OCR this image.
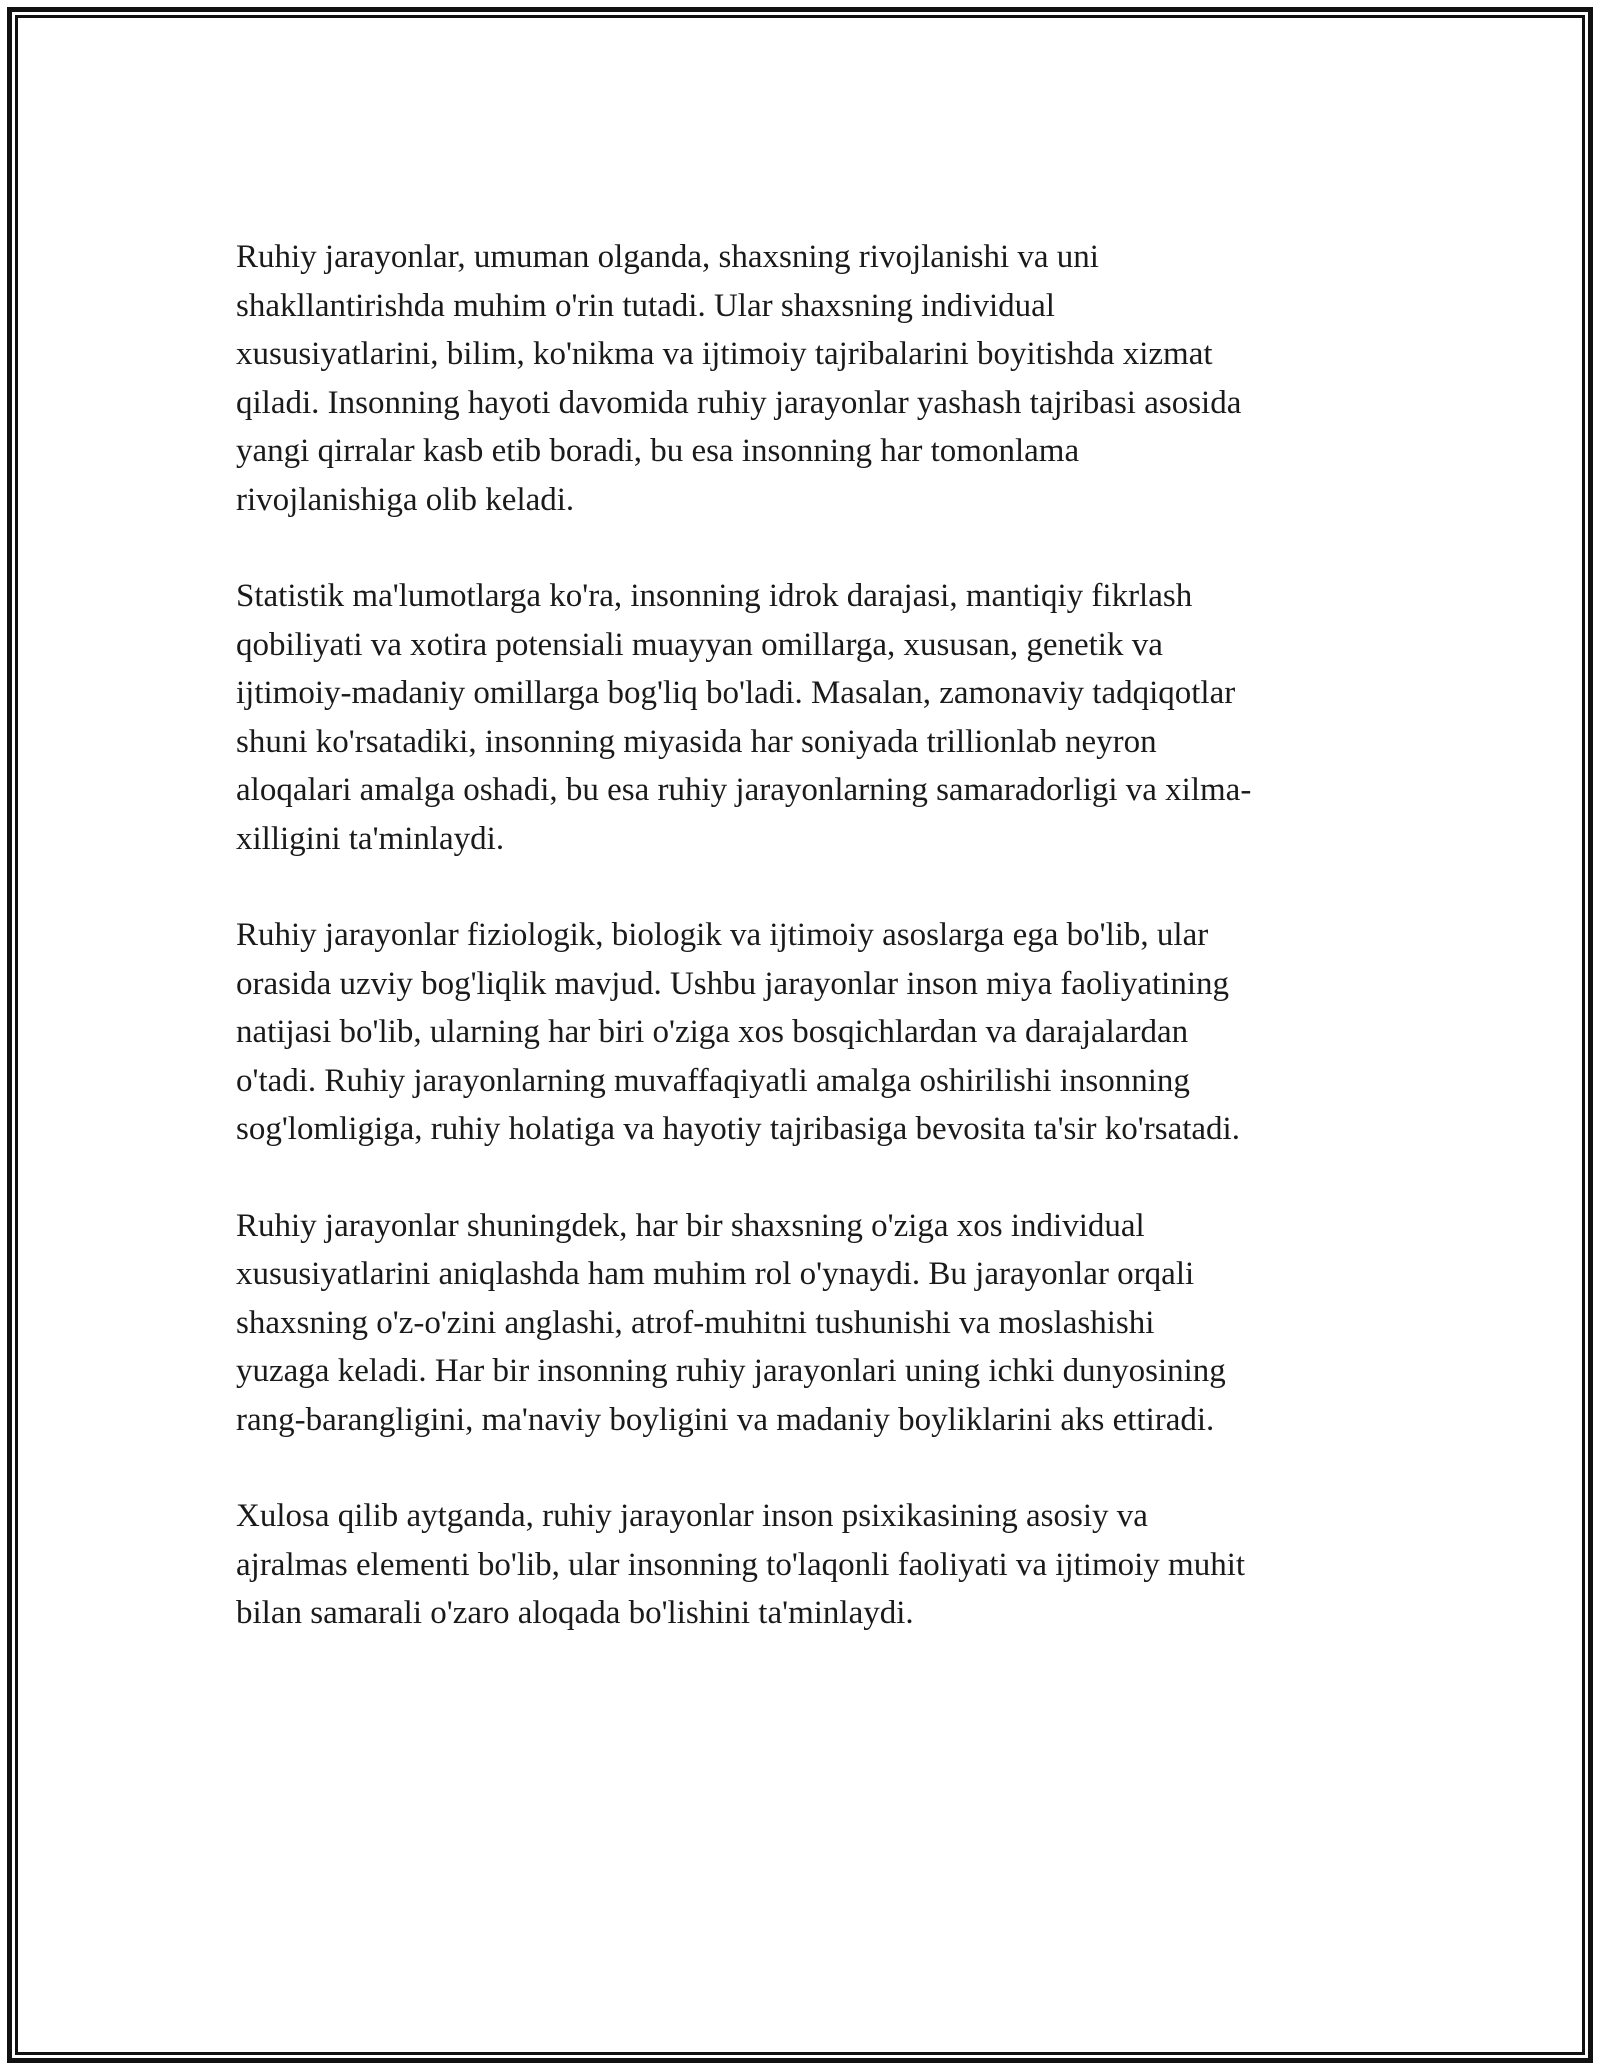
Ruhiy jarayonlar, umuman olganda, shaxsning rivojlanishi va uni
shakllantirishda muhim o'rin tutadi. Ular shaxsning individual
xususiyatlarini, bilim, ko'nikma va ijtimoiy tajribalarini boyitishda xizmat
qiladi. Insonning hayoti davomida ruhiy jarayonlar yashash tajribasi asosida
yangi qirralar kasb etib boradi, bu esa insonning har tomonlama
rivojlanishiga olib keladi.

Statistik ma'lumotlarga ko'ra, insonning idrok darajasi, mantiqiy fikrlash
qobiliyati va xotira potensiali muayyan omillarga, xususan, genetik va
ijtimoiy-madaniy omillarga bog'liq bo'ladi. Masalan, zamonaviy tadqiqotlar
shuni ko'rsatadiki, insonning miyasida har soniyada trillionlab neyron
aloqalari amalga oshadi, bu esa ruhiy jarayonlarning samaradorligi va xilma-
xilligini ta'minlaydi.

Ruhiy jarayonlar fiziologik, biologik va ijtimoiy asoslarga ega bo'lib, ular
orasida uzviy bog'liqlik mavjud. Ushbu jarayonlar inson miya faoliyatining
natijasi bo'lib, ularning har biri o'ziga xos bosqichlardan va darajalardan
o'tadi. Ruhiy jarayonlarning muvaffaqiyatli amalga oshirilishi insonning
sog'lomligiga, ruhiy holatiga va hayotiy tajribasiga bevosita ta'sir ko'rsatadi.

Ruhiy jarayonlar shuningdek, har bir shaxsning o'ziga xos individual
xususiyatlarini aniqlashda ham muhim rol o'ynaydi. Bu jarayonlar orqali
shaxsning o'z-o'zini anglashi, atrof-muhitni tushunishi va moslashishi
yuzaga keladi. Har bir insonning ruhiy jarayonlari uning ichki dunyosining
rang-barangligini, ma'naviy boyligini va madaniy boyliklarini aks ettiradi.

Xulosa qilib aytganda, ruhiy jarayonlar inson psixikasining asosiy va
ajralmas elementi bo'lib, ular insonning to'laqonli faoliyati va ijtimoiy muhit
bilan samarali o'zaro aloqada bo'lishini ta'minlaydi.
